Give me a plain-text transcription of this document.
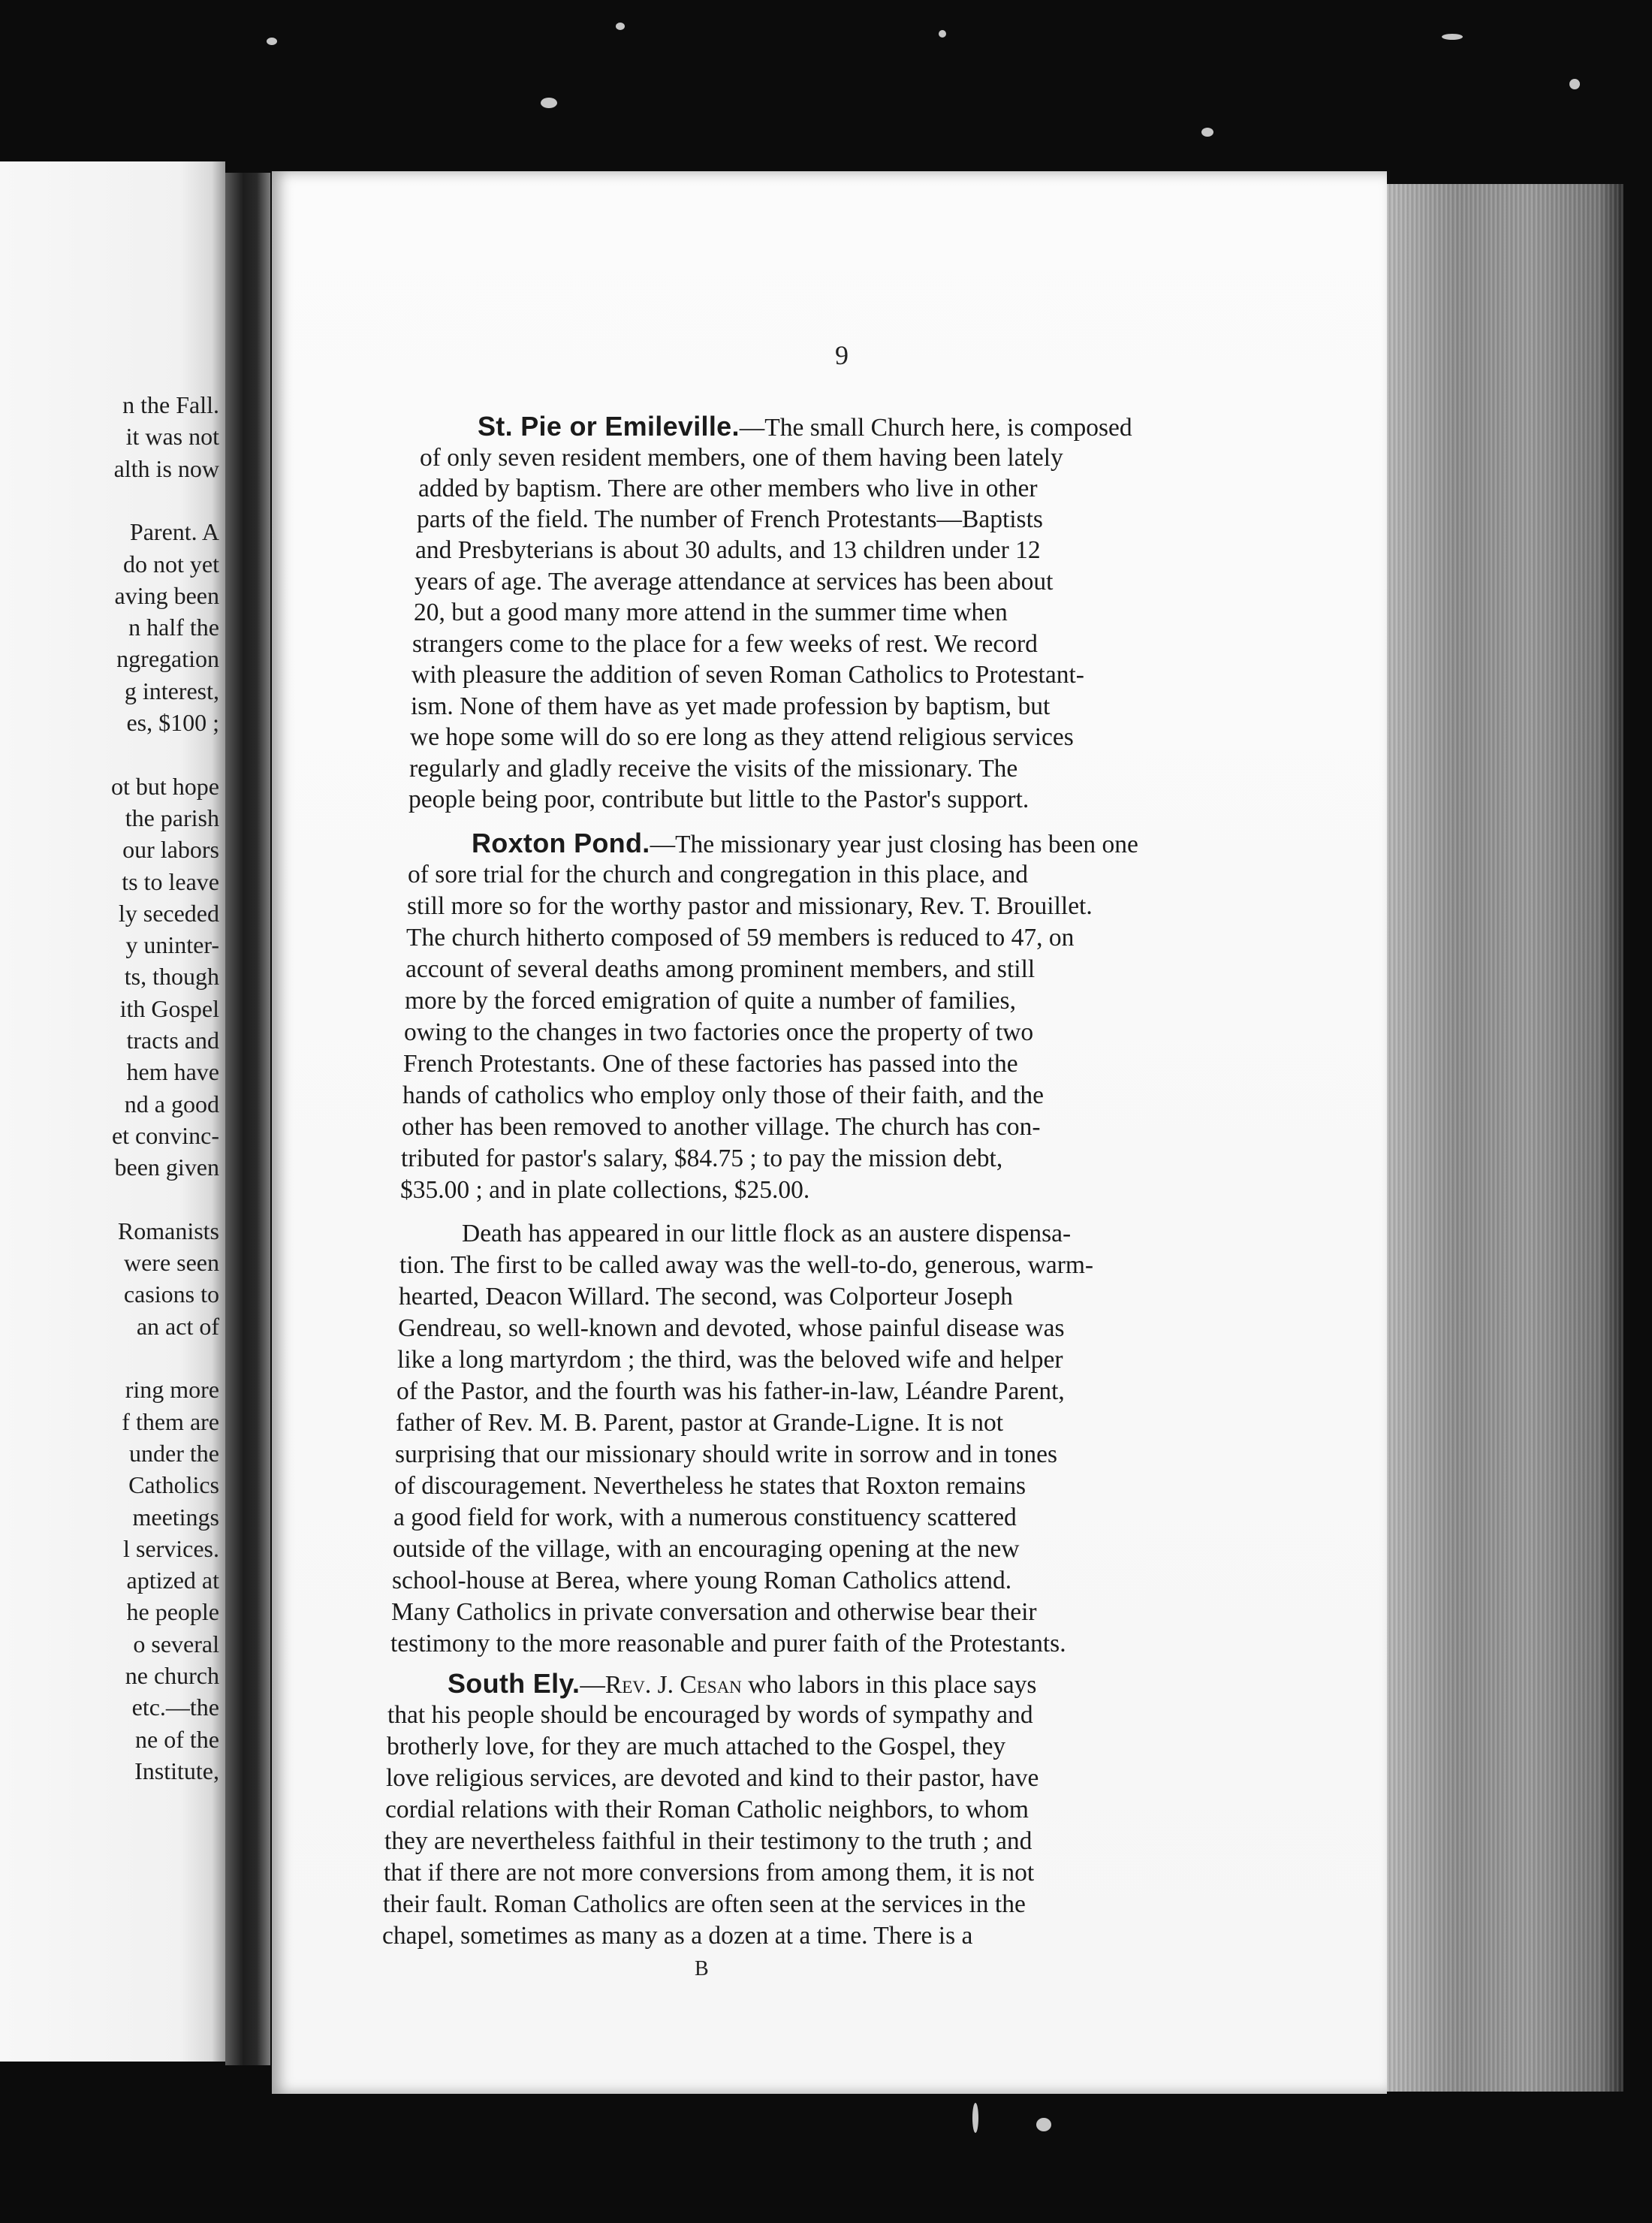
n the Fall.
it was not
alth is now
Parent. A
do not yet
aving been
n half the
ngregation
g interest,
es, $100 ;
ot but hope
the parish
our labors
ts to leave
ly seceded
y uninter-
ts, though
ith Gospel
tracts and
hem have
nd a good
et convinc-
been given
Romanists
were seen
casions to
an act of
ring more
f them are
under the
Catholics
meetings
l services.
aptized at
he people
o several
ne church
etc.—the
ne of the
Institute,
9
St. Pie or Emileville.—The small Church here, is composed
of only seven resident members, one of them having been lately
added by baptism. There are other members who live in other
parts of the field. The number of French Protestants—Baptists
and Presbyterians is about 30 adults, and 13 children under 12
years of age. The average attendance at services has been about
20, but a good many more attend in the summer time when
strangers come to the place for a few weeks of rest. We record
with pleasure the addition of seven Roman Catholics to Protestant-
ism. None of them have as yet made profession by baptism, but
we hope some will do so ere long as they attend religious services
regularly and gladly receive the visits of the missionary. The
people being poor, contribute but little to the Pastor's support.
Roxton Pond.—The missionary year just closing has been one
of sore trial for the church and congregation in this place, and
still more so for the worthy pastor and missionary, Rev. T. Brouillet.
The church hitherto composed of 59 members is reduced to 47, on
account of several deaths among prominent members, and still
more by the forced emigration of quite a number of families,
owing to the changes in two factories once the property of two
French Protestants. One of these factories has passed into the
hands of catholics who employ only those of their faith, and the
other has been removed to another village. The church has con-
tributed for pastor's salary, $84.75 ; to pay the mission debt,
$35.00 ; and in plate collections, $25.00.
Death has appeared in our little flock as an austere dispensa-
tion. The first to be called away was the well-to-do, generous, warm-
hearted, Deacon Willard. The second, was Colporteur Joseph
Gendreau, so well-known and devoted, whose painful disease was
like a long martyrdom ; the third, was the beloved wife and helper
of the Pastor, and the fourth was his father-in-law, Léandre Parent,
father of Rev. M. B. Parent, pastor at Grande-Ligne. It is not
surprising that our missionary should write in sorrow and in tones
of discouragement. Nevertheless he states that Roxton remains
a good field for work, with a numerous constituency scattered
outside of the village, with an encouraging opening at the new
school-house at Berea, where young Roman Catholics attend.
Many Catholics in private conversation and otherwise bear their
testimony to the more reasonable and purer faith of the Protestants.
South Ely.—Rev. J. Cesan who labors in this place says
that his people should be encouraged by words of sympathy and
brotherly love, for they are much attached to the Gospel, they
love religious services, are devoted and kind to their pastor, have
cordial relations with their Roman Catholic neighbors, to whom
they are nevertheless faithful in their testimony to the truth ; and
that if there are not more conversions from among them, it is not
their fault. Roman Catholics are often seen at the services in the
chapel, sometimes as many as a dozen at a time. There is a
B
